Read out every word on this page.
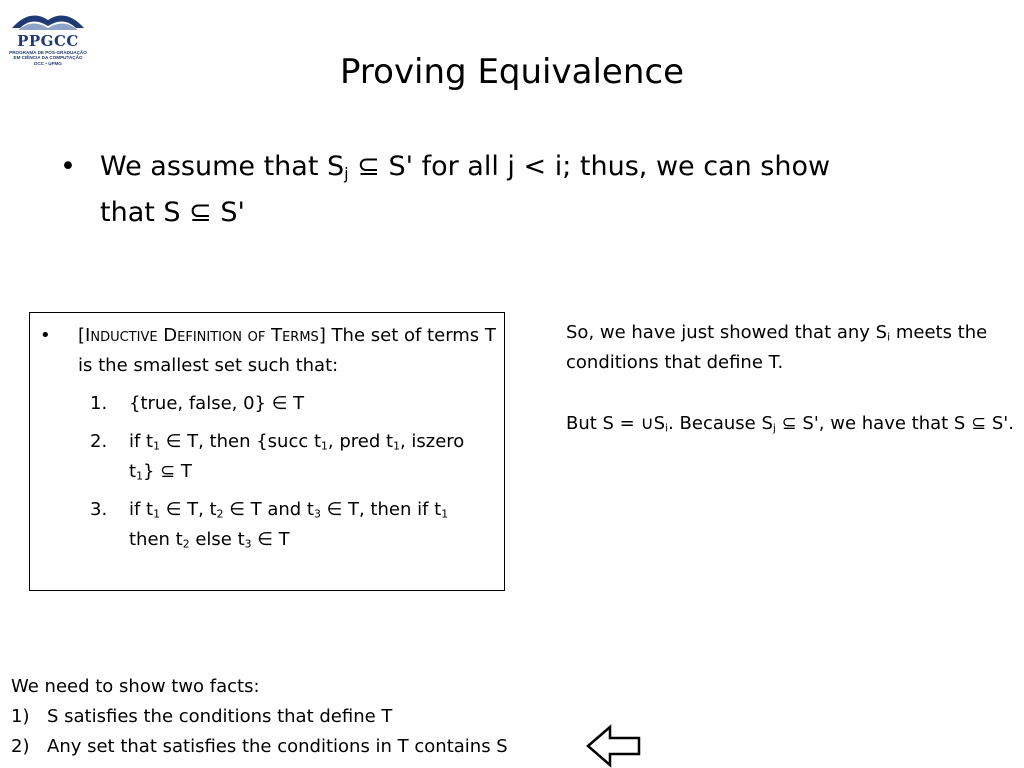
PPGCC
PROGRAMA DE PÓS-GRADUAÇÃO
EM CIÊNCIA DA COMPUTAÇÃO
DCC • UFMG	Proving Equivalence
• We assume that $S_j$ ⊆ S' for all j < i; thus, we can show
that S ⊆ S'
• [Inductive Definition of Terms] The set of terms T is the smallest set such that:
1. {true, false, 0} ∈ T
2. if $t_1$ ∈ T, then {succ $t_1$, pred $t_1$, iszero $t_1$} ⊆ T
3. if $t_1$ ∈ T, $t_2$ ∈ T and $t_3$ ∈ T, then if $t_1$ then $t_2$ else $t_3$ ∈ T

So, we have just showed that any $S_i$ meets the conditions that define T.

But $S = \cup S_i$. Because $S_j$ ⊆ S', we have that S ⊆ S'.

We need to show two facts:
1) S satisfies the conditions that define T
2) Any set that satisfies the conditions in T contains S
